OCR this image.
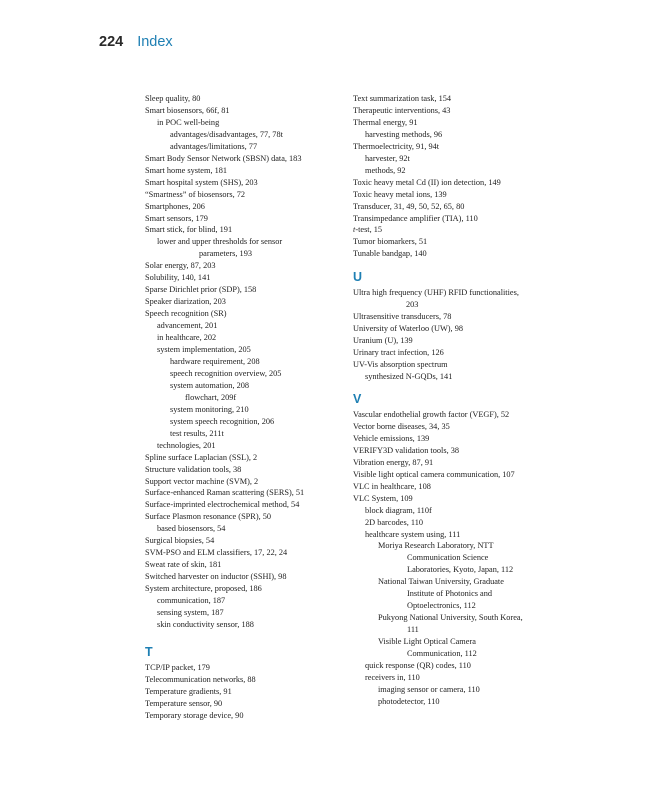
224 Index
Sleep quality, 80
Smart biosensors, 66f, 81
in POC well-being
advantages/disadvantages, 77, 78t
advantages/limitations, 77
Smart Body Sensor Network (SBSN) data, 183
Smart home system, 181
Smart hospital system (SHS), 203
“Smartness” of biosensors, 72
Smartphones, 206
Smart sensors, 179
Smart stick, for blind, 191
lower and upper thresholds for sensor
parameters, 193
Solar energy, 87, 203
Solubility, 140, 141
Sparse Dirichlet prior (SDP), 158
Speaker diarization, 203
Speech recognition (SR)
advancement, 201
in healthcare, 202
system implementation, 205
hardware requirement, 208
speech recognition overview, 205
system automation, 208
flowchart, 209f
system monitoring, 210
system speech recognition, 206
test results, 211t
technologies, 201
Spline surface Laplacian (SSL), 2
Structure validation tools, 38
Support vector machine (SVM), 2
Surface-enhanced Raman scattering (SERS), 51
Surface-imprinted electrochemical method, 54
Surface Plasmon resonance (SPR), 50
based biosensors, 54
Surgical biopsies, 54
SVM-PSO and ELM classifiers, 17, 22, 24
Sweat rate of skin, 181
Switched harvester on inductor (SSHI), 98
System architecture, proposed, 186
communication, 187
sensing system, 187
skin conductivity sensor, 188
T
TCP/IP packet, 179
Telecommunication networks, 88
Temperature gradients, 91
Temperature sensor, 90
Temporary storage device, 90
Text summarization task, 154
Therapeutic interventions, 43
Thermal energy, 91
harvesting methods, 96
Thermoelectricity, 91, 94t
harvester, 92t
methods, 92
Toxic heavy metal Cd (II) ion detection, 149
Toxic heavy metal ions, 139
Transducer, 31, 49, 50, 52, 65, 80
Transimpedance amplifier (TIA), 110
t-test, 15
Tumor biomarkers, 51
Tunable bandgap, 140
U
Ultra high frequency (UHF) RFID functionalities,
203
Ultrasensitive transducers, 78
University of Waterloo (UW), 98
Uranium (U), 139
Urinary tract infection, 126
UV-Vis absorption spectrum
synthesized N-GQDs, 141
V
Vascular endothelial growth factor (VEGF), 52
Vector borne diseases, 34, 35
Vehicle emissions, 139
VERIFY3D validation tools, 38
Vibration energy, 87, 91
Visible light optical camera communication, 107
VLC in healthcare, 108
VLC System, 109
block diagram, 110f
2D barcodes, 110
healthcare system using, 111
Moriya Research Laboratory, NTT
Communication Science
Laboratories, Kyoto, Japan, 112
National Taiwan University, Graduate
Institute of Photonics and
Optoelectronics, 112
Pukyong National University, South Korea,
111
Visible Light Optical Camera
Communication, 112
quick response (QR) codes, 110
receivers in, 110
imaging sensor or camera, 110
photodetector, 110
